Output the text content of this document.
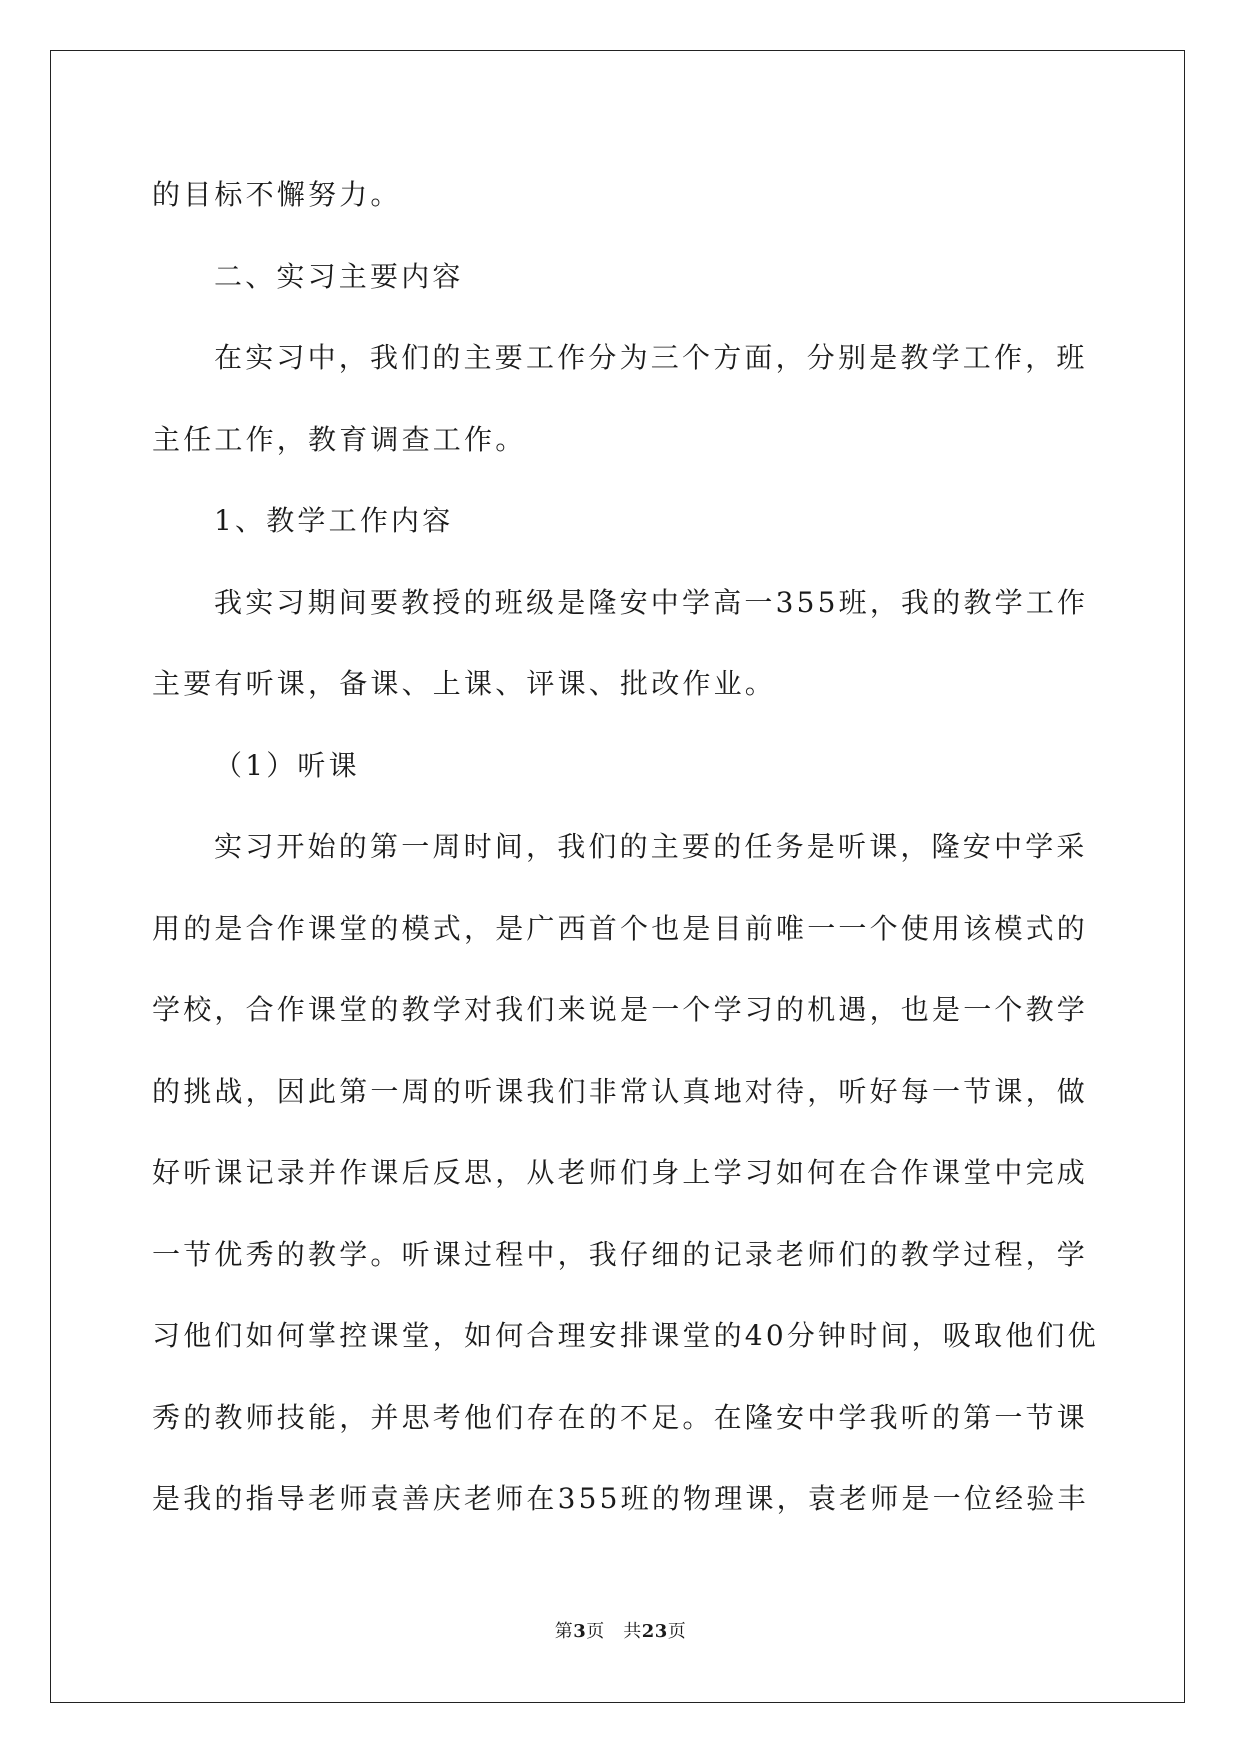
的目标不懈努力。

二、实习主要内容

在实习中，我们的主要工作分为三个方面，分别是教学工作，班
主任工作，教育调查工作。

1、教学工作内容

我实习期间要教授的班级是隆安中学高一355班，我的教学工作
主要有听课，备课、上课、评课、批改作业。

（1）听课

实习开始的第一周时间，我们的主要的任务是听课，隆安中学采
用的是合作课堂的模式，是广西首个也是目前唯一一个使用该模式的
学校，合作课堂的教学对我们来说是一个学习的机遇，也是一个教学
的挑战，因此第一周的听课我们非常认真地对待，听好每一节课，做
好听课记录并作课后反思，从老师们身上学习如何在合作课堂中完成
一节优秀的教学。听课过程中，我仔细的记录老师们的教学过程，学
习他们如何掌控课堂，如何合理安排课堂的40分钟时间，吸取他们优
秀的教师技能，并思考他们存在的不足。在隆安中学我听的第一节课
是我的指导老师袁善庆老师在355班的物理课，袁老师是一位经验丰

第3页　共23页
